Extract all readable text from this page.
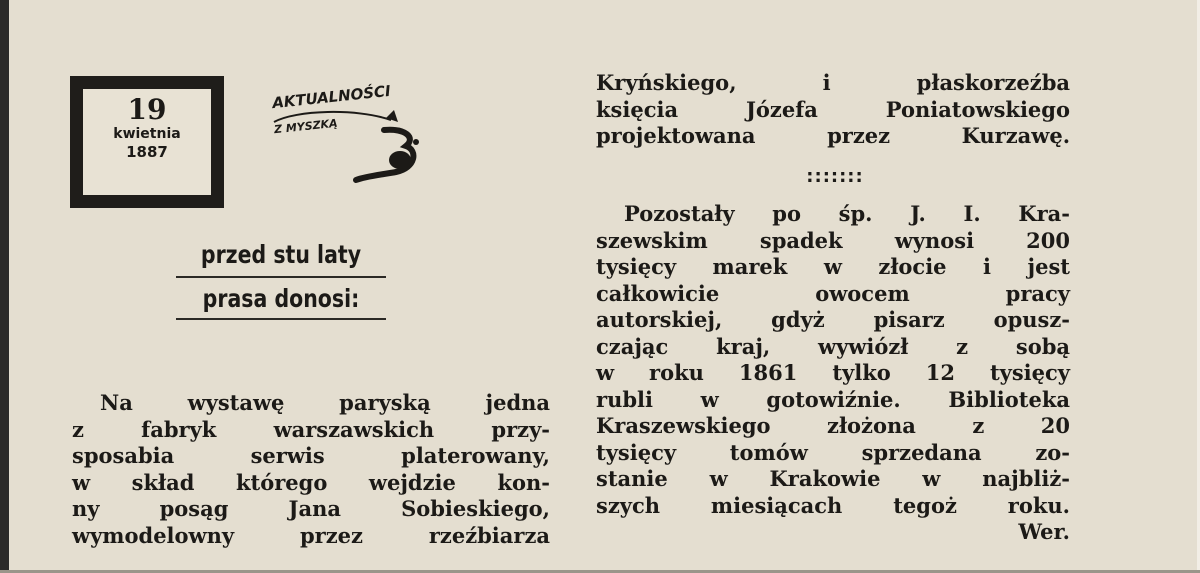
19
kwietnia
1887
AKTUALNOŚCI
Z MYSZKĄ
przed stu laty
prasa donosi:
Na wystawę paryską jedna
z fabryk warszawskich przy-
sposabia serwis platerowany,
w skład którego wejdzie kon-
ny posąg Jana Sobieskiego,
wymodelowny przez rzeźbiarza
Kryńskiego, i płaskorzeźba
księcia Józefa Poniatowskiego
projektowana przez Kurzawę.
:::::::
Pozostały po śp. J. I. Kra-
szewskim spadek wynosi 200
tysięcy marek w złocie i jest
całkowicie owocem pracy
autorskiej, gdyż pisarz opusz-
czając kraj, wywiózł z sobą
w roku 1861 tylko 12 tysięcy
rubli w gotowiźnie. Biblioteka
Kraszewskiego złożona z 20
tysięcy tomów sprzedana zo-
stanie w Krakowie w najbliż-
szych miesiącach tegoż roku.
Wer.
